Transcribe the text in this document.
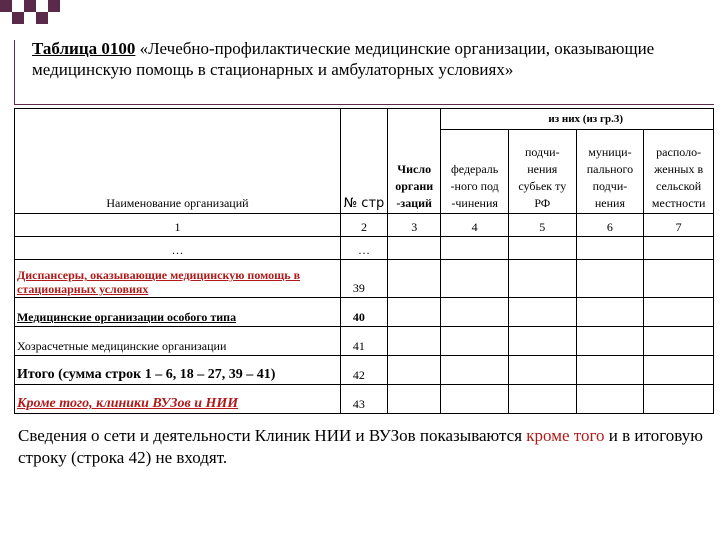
Таблица 0100 «Лечебно-профилактические медицинские организации, оказывающие медицинскую помощь в стационарных и амбулаторных условиях»
Наименование организаций	№ стр	Число органи -заций	из них (из гр.3)			
			федераль -ного под -чинения	подчи- нения субьек ту РФ	муници- пального подчи- нения	располо- женных в сельской местности
1	2	3	4	5	6	7
…	…					
Диспансеры, оказывающие медицинскую помощь в стационарных условиях	39					
Медицинские организации особого типа	40					
Хозрасчетные медицинские организации	41					
Итого (сумма строк 1 – 6, 18 – 27, 39 – 41)	42					
Кроме того, клиники ВУЗов и НИИ	43					
Сведения о сети и деятельности Клиник НИИ и ВУЗов показываются кроме того и в итоговую строку (строка 42) не входят.
